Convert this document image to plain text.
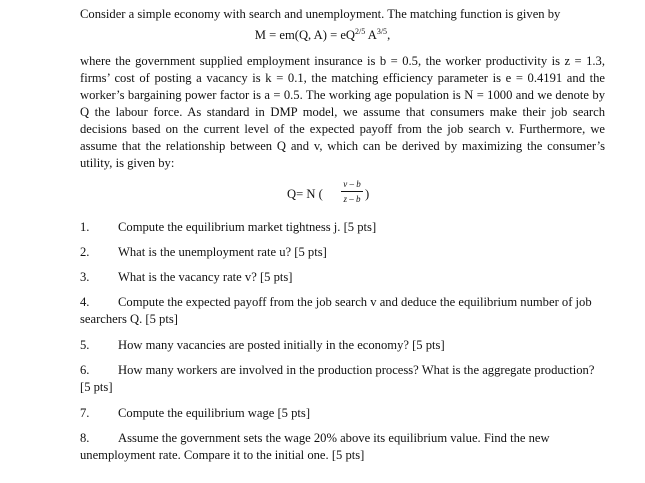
Consider a simple economy with search and unemployment. The matching function is given by
M = em(Q, $A) = eQ^{2/5}$ $A^{3/5}$,
where the government supplied employment insurance is b = 0.5, the worker productivity is z = 1.3, firms’ cost of posting a vacancy is k = 0.1, the matching efficiency parameter is e = 0.4191 and the worker’s bargaining power factor is a = 0.5. The working age population is N = 1000 and we denote by Q the labour force. As standard in DMP model, we assume that consumers make their job search decisions based on the current level of the expected payoff from the job search v. Furthermore, we assume that the relationship between Q and v, which can be derived by maximizing the consumer’s utility, is given by:
Q= N (
v – b
z – b )
1. Compute the equilibrium market tightness j. [5 pts]
2. What is the unemployment rate u? [5 pts]
3. What is the vacancy rate v? [5 pts]
4. Compute the expected payoff from the job search v and deduce the equilibrium number of job searchers Q. [5 pts]
5. How many vacancies are posted initially in the economy? [5 pts]
6. How many workers are involved in the production process? What is the aggregate production? [5 pts]
7. Compute the equilibrium wage [5 pts]
8. Assume the government sets the wage 20% above its equilibrium value. Find the new unemployment rate. Compare it to the initial one. [5 pts]
